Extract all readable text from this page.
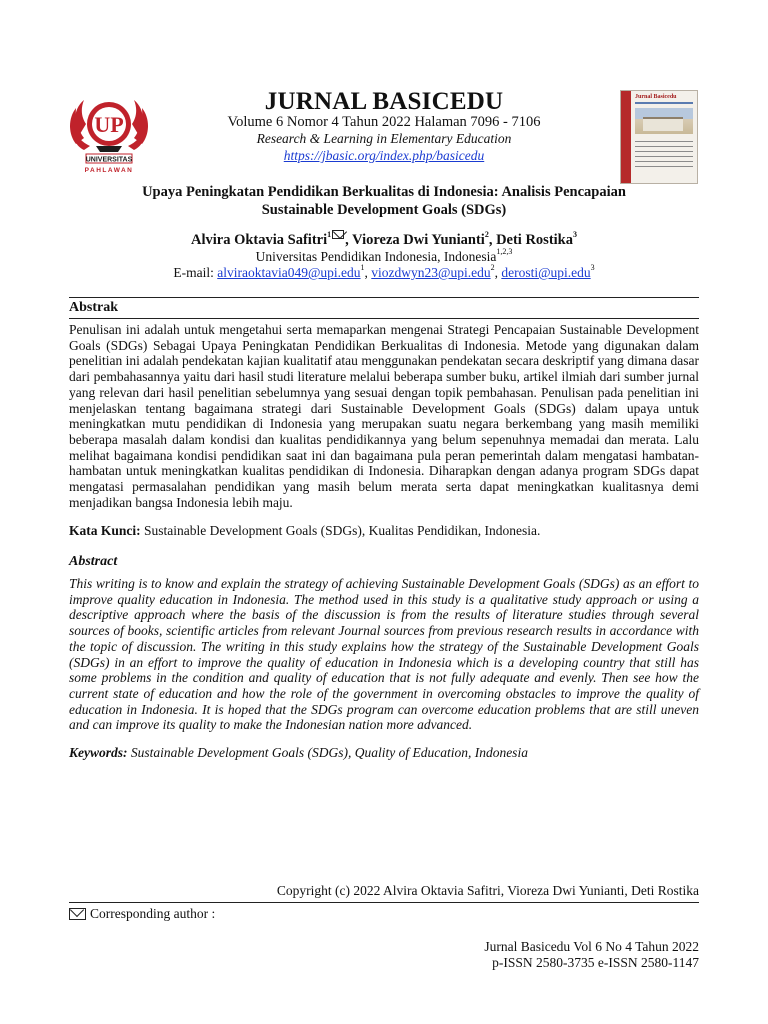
UP
UNIVERSITAS
PAHLAWAN
JURNAL BASICEDU
Volume 6 Nomor 4 Tahun 2022 Halaman 7096 - 7106
Research & Learning in Elementary Education
https://jbasic.org/index.php/basicedu
Jurnal Basicedu
Upaya Peningkatan Pendidikan Berkualitas di Indonesia: Analisis Pencapaian
Sustainable Development Goals (SDGs)
Alvira Oktavia Safitri$^1$ , Vioreza Dwi Yunianti$^2$, Deti Rostika$^3$
Universitas Pendidikan Indonesia, Indonesia$^{1,2,3}$
E-mail: alviraoktavia049@upi.edu$^1$, viozdwyn23@upi.edu$^2$, derosti@upi.edu$^3$
Abstrak
Penulisan ini adalah untuk mengetahui serta memaparkan mengenai Strategi Pencapaian Sustainable Development Goals (SDGs) Sebagai Upaya Peningkatan Pendidikan Berkualitas di Indonesia. Metode yang digunakan dalam penelitian ini adalah pendekatan kajian kualitatif atau menggunakan pendekatan secara deskriptif yang dimana dasar dari pembahasannya yaitu dari hasil studi literature melalui beberapa sumber buku, artikel ilmiah dari sumber jurnal yang relevan dari hasil penelitian sebelumnya yang sesuai dengan topik pembahasan. Penulisan pada penelitian ini menjelaskan tentang bagaimana strategi dari Sustainable Development Goals (SDGs) dalam upaya untuk meningkatkan mutu pendidikan di Indonesia yang merupakan suatu negara berkembang yang masih memiliki beberapa masalah dalam kondisi dan kualitas pendidikannya yang belum sepenuhnya memadai dan merata. Lalu melihat bagaimana kondisi pendidikan saat ini dan bagaimana pula peran pemerintah dalam mengatasi hambatan-hambatan untuk meningkatkan kualitas pendidikan di Indonesia. Diharapkan dengan adanya program SDGs dapat mengatasi permasalahan pendidikan yang masih belum merata serta dapat meningkatkan kualitasnya demi menjadikan bangsa Indonesia lebih maju.
Kata Kunci: Sustainable Development Goals (SDGs), Kualitas Pendidikan, Indonesia.
Abstract
This writing is to know and explain the strategy of achieving Sustainable Development Goals (SDGs) as an effort to improve quality education in Indonesia. The method used in this study is a qualitative study approach or using a descriptive approach where the basis of the discussion is from the results of literature studies through several sources of books, scientific articles from relevant Journal sources from previous research results in accordance with the topic of discussion. The writing in this study explains how the strategy of the Sustainable Development Goals (SDGs) in an effort to improve the quality of education in Indonesia which is a developing country that still has some problems in the condition and quality of education that is not fully adequate and evenly. Then see how the current state of education and how the role of the government in overcoming obstacles to improve the quality of education in Indonesia. It is hoped that the SDGs program can overcome education problems that are still uneven and can improve its quality to make the Indonesian nation more advanced.
Keywords: Sustainable Development Goals (SDGs), Quality of Education, Indonesia
Copyright (c) 2022 Alvira Oktavia Safitri, Vioreza Dwi Yunianti, Deti Rostika
Corresponding author :
Jurnal Basicedu Vol 6 No 4 Tahun 2022
p-ISSN 2580-3735 e-ISSN 2580-1147
